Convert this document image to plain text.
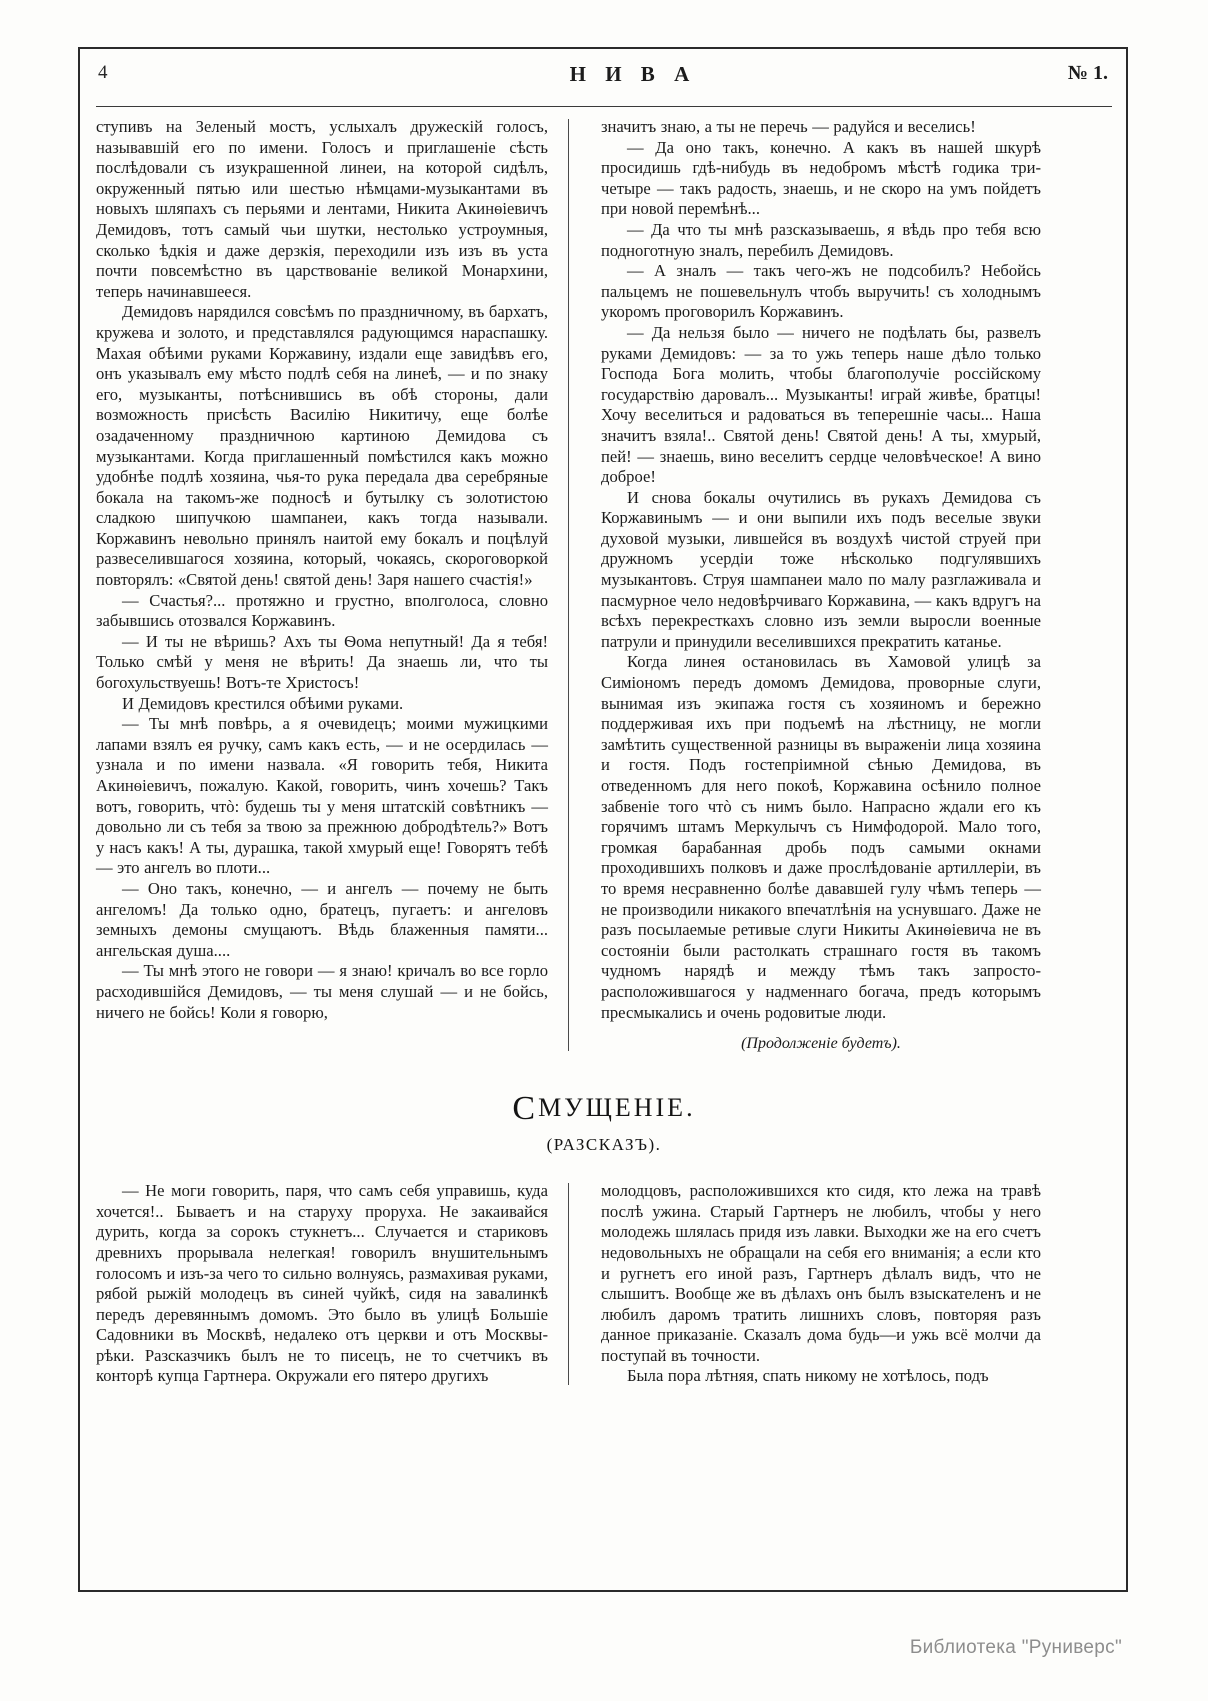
4	Н И В А	№ 1.

ступивъ на Зеленый мостъ, услыхалъ дружескій голосъ, называвшій его по имени. Голосъ и приглашеніе сѣсть послѣдовали съ изукрашенной линеи, на которой сидѣлъ, окруженный пятью или шестью нѣмцами-музыкантами въ новыхъ шляпахъ съ перьями и лентами, Никита Акинѳіевичъ Демидовъ, тотъ самый чьи шутки, нестолько устроумныя, сколько ѣдкія и даже дерзкія, переходили изъ изъ въ уста почти повсемѣстно въ царствованіе великой Монархини, теперь начинавшееся.

Демидовъ нарядился совсѣмъ по праздничному, въ бархатъ, кружева и золото, и представлялся радующимся нараспашку. Махая обѣими руками Коржавину, издали еще завидѣвъ его, онъ указывалъ ему мѣсто подлѣ себя на линеѣ, — и по знаку его, музыканты, потѣснившись въ обѣ стороны, дали возможность присѣсть Василію Никитичу, еще болѣе озадаченному праздничною картиною Демидова съ музыкантами. Когда приглашенный помѣстился какъ можно удобнѣе подлѣ хозяина, чья-то рука передала два серебряные бокала на такомъ-же подносѣ и бутылку съ золотистою сладкою шипучкою шампанеи, какъ тогда называли. Коржавинъ невольно принялъ наитой ему бокалъ и поцѣлуй развеселившагося хозяина, который, чокаясь, скороговоркой повторялъ: «Святой день! святой день! Заря нашего счастія!»

— Счастья?... протяжно и грустно, вполголоса, словно забывшись отозвался Коржавинъ.

— И ты не вѣришь? Ахъ ты Ѳома непутный! Да я тебя! Только смѣй у меня не вѣрить! Да знаешь ли, что ты богохульствуешь! Вотъ-те Христосъ!

И Демидовъ крестился обѣими руками.

— Ты мнѣ повѣрь, а я очевидецъ; моими мужицкими лапами взялъ ея ручку, самъ какъ есть, — и не осердилась — узнала и по имени назвала. «Я говорить тебя, Никита Акинѳіевичъ, пожалую. Какой, говорить, чинъ хочешь? Такъ вотъ, говорить, чтò: будешь ты у меня штатскій совѣтникъ — довольно ли съ тебя за твою за прежнюю добродѣтель?» Вотъ у насъ какъ! А ты, дурашка, такой хмурый еще! Говорятъ тебѣ — это ангелъ во плоти...

— Оно такъ, конечно, — и ангелъ — почему не быть ангеломъ! Да только одно, братецъ, пугаетъ: и ангеловъ земныхъ демоны смущаютъ. Вѣдь блаженныя памяти... ангельская душа....

— Ты мнѣ этого не говори — я знаю! кричалъ во все горло расходившійся Демидовъ, — ты меня слушай — и не бойсь, ничего не бойсь! Коли я говорю,

значитъ знаю, а ты не перечь — радуйся и веселись!

— Да оно такъ, конечно. А какъ въ нашей шкурѣ просидишь гдѣ-нибудь въ недобромъ мѣстѣ годика три-четыре — такъ радость, знаешь, и не скоро на умъ пойдетъ при новой перемѣнѣ...

— Да что ты мнѣ разсказываешь, я вѣдь про тебя всю подноготную зналъ, перебилъ Демидовъ.

— А зналъ — такъ чего-жъ не подсобилъ? Небойсь пальцемъ не пошевельнулъ чтобъ выручить! съ холоднымъ укоромъ проговорилъ Коржавинъ.

— Да нельзя было — ничего не подѣлать бы, развелъ руками Демидовъ: — за то ужь теперь наше дѣло только Господа Бога молить, чтобы благополучіе россійскому государствію даровалъ... Музыканты! играй живѣе, братцы! Хочу веселиться и радоваться въ теперешніе часы... Наша значитъ взяла!.. Святой день! Святой день! А ты, хмурый, пей! — знаешь, вино веселитъ сердце человѣческое! А вино доброе!

И снова бокалы очутились въ рукахъ Демидова съ Коржавинымъ — и они выпили ихъ подъ веселые звуки духовой музыки, лившейся въ воздухѣ чистой струей при дружномъ усердіи тоже нѣсколько подгулявшихъ музыкантовъ. Струя шампанеи мало по малу разглаживала и пасмурное чело недовѣрчиваго Коржавина, — какъ вдругъ на всѣхъ перекресткахъ словно изъ земли выросли военные патрули и принудили веселившихся прекратить катанье.

Когда линея остановилась въ Хамовой улицѣ за Симіономъ передъ домомъ Демидова, проворные слуги, вынимая изъ экипажа гостя съ хозяиномъ и бережно поддерживая ихъ при подъемѣ на лѣстницу, не могли замѣтить существенной разницы въ выраженіи лица хозяина и гостя. Подъ гостепріимной сѣнью Демидова, въ отведенномъ для него покоѣ, Коржавина осѣнило полное забвеніе того чтò съ нимъ было. Напрасно ждали его къ горячимъ штамъ Меркулычъ съ Нимфодорой. Мало того, громкая барабанная дробь подъ самыми окнами проходившихъ полковъ и даже прослѣдованіе артиллеріи, въ то время несравненно болѣе дававшей гулу чѣмъ теперь — не производили никакого впечатлѣнія на уснувшаго. Даже не разъ посылаемые ретивые слуги Никиты Акинѳіевича не въ состояніи были растолкать страшнаго гостя въ такомъ чудномъ нарядѣ и между тѣмъ такъ запросто-расположившагося у надменнаго богача, предъ которымъ пресмыкались и очень родовитые люди.

(Продолженіе будетъ).
СМУЩЕНІЕ.
(РАЗСКАЗЪ).

— Не моги говорить, паря, что самъ себя управишь, куда хочется!.. Бываетъ и на старуху проруха. Не закаивайся дурить, когда за сорокъ стукнетъ... Случается и стариковъ древнихъ прорывала нелегкая! говорилъ внушительнымъ голосомъ и изъ-за чего то сильно волнуясь, размахивая руками, рябой рыжій молодецъ въ синей чуйкѣ, сидя на завалинкѣ передъ деревяннымъ домомъ. Это было въ улицѣ Большіе Садовники въ Москвѣ, недалеко отъ церкви и отъ Москвы-рѣки. Разсказчикъ былъ не то писецъ, не то счетчикъ въ конторѣ купца Гартнера. Окружали его пятеро другихъ

молодцовъ, расположившихся кто сидя, кто лежа на травѣ послѣ ужина. Старый Гартнеръ не любилъ, чтобы у него молодежь шлялась придя изъ лавки. Выходки же на его счетъ недовольныхъ не обращали на себя его вниманія; а если кто и ругнетъ его иной разъ, Гартнеръ дѣлалъ видъ, что не слышитъ. Вообще же въ дѣлахъ онъ былъ взыскателенъ и не любилъ даромъ тратить лишнихъ словъ, повторяя разъ данное приказаніе. Сказалъ дома будь—и ужь всё молчи да поступай въ точности.

Была пора лѣтняя, спать никому не хотѣлось, подъ

Библиотека "Руниверс"
